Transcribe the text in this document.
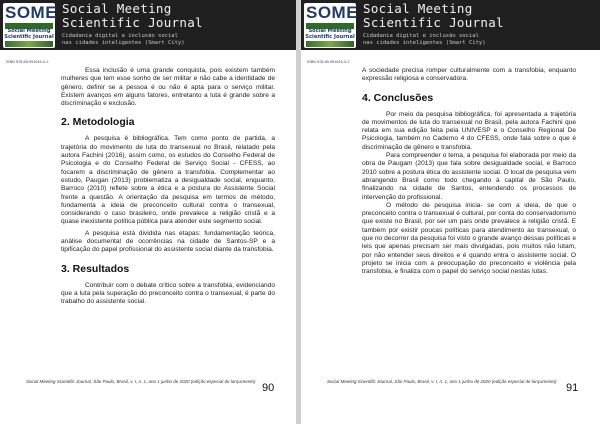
SOME
Social Meeting Scientific Journal
Social Meeting
Scientific Journal
Cidadania digital e inclusão social
nas cidades inteligentes (Smart City)
ISBN 978-65-991619-0-2

Essa inclusão é uma grande conquista, pois existem também mulheres que tem esse sonho de ser militar e não cabe a identidade de gênero, definir se a pessoa é ou não é apta para o serviço militar. Existem avanços em alguns fatores, entretanto a luta é grande sobre a discriminação e exclusão.

2. Metodologia

A pesquisa é bibliográfica. Tem como ponto de partida, a trajetória do movimento de luta do transexual no Brasil, relatado pela autora Fachini (2016), assim como, os estudos do Conselho Federal de Psicologia e do Conselho Federal de Serviço Social - CFESS, ao focarem a discriminação de gênero a transfobia. Complementar ao estudo, Paugan (2013) problematiza a desigualdade social, enquanto, Barroco (2010) reflete sobre a ética e a postura do Assistente Social frente a questão. A orientação da pesquisa em termos de método, fundamenta a ideia de preconceito cultural contra o transexual, considerando o caso brasileiro, onde prevalece a religião cristã e a quase inexistente política pública para atender este segmento social.

A pesquisa está dividida nas etapas: fundamentação teórica, análise documental de ocorrências na cidade de Santos-SP e a tipificação do papel profissional do assistente social diante da transfobia.

3. Resultados

Contribuir com o debate crítico sobre a transfobia, evidenciando que a luta pela superação do preconceito contra o transexual, é parte do trabalho do assistente social.

Social Meeting Scientific Journal, São Paulo, Brasil, v. I, n. 1, ano 1 junho de 2020 (edição especial de lançamento)
90
SOME
Social Meeting Scientific Journal
Social Meeting
Scientific Journal
Cidadania digital e inclusão social
nas cidades inteligentes (Smart City)
ISBN 978-65-991619-0-2

A sociedade precisa romper culturalmente com a transfobia, enquanto expressão religiosa e conservadora.

4. Conclusões

Por meio da pesquisa bibliográfica, foi apresentada a trajetória de movimentos de luta do transexual no Brasil, pela autora Fachini que relata em sua edição feita pela UNIVESP e o Conselho Regional De Psicologia, também no Caderno 4 do CFESS, onde fala sobre o que é discriminação de gênero e transfobia.

Para compreender o tema, a pesquisa foi elaborada por meio da obra de Paugam (2013) que fala sobre desigualdade social, e Barroco 2010 sobre a postura ética do assistente social. O local de pesquisa vem abrangendo Brasil como todo chegando à capital de São Paulo, finalizando na cidade de Santos, entendendo os processos de intervenção do profissional.

O método de pesquisa inicia- se com a ideia, de que o preconceito contra o transexual é cultural, por conta do conservadorismo que existe no Brasil, por ser um país onde prevalece a religião cristã. E também por existir poucas políticas para atendimento ao transexual, o que no decorrer da pesquisa foi visto o grande avanço dessas políticas e leis que apenas precisam ser mais divulgadas, pois muitos não lutam, por não entender seus direitos e é quando entra o assistente social. O projeto se inicia com a preocupação do preconceito e violência pela transfobia, e finaliza com o papel do serviço social nestas lutas.

Social Meeting Scientific Journal, São Paulo, Brasil, v. I, n. 1, ano 1 junho de 2020 (edição especial de lançamento)
91
